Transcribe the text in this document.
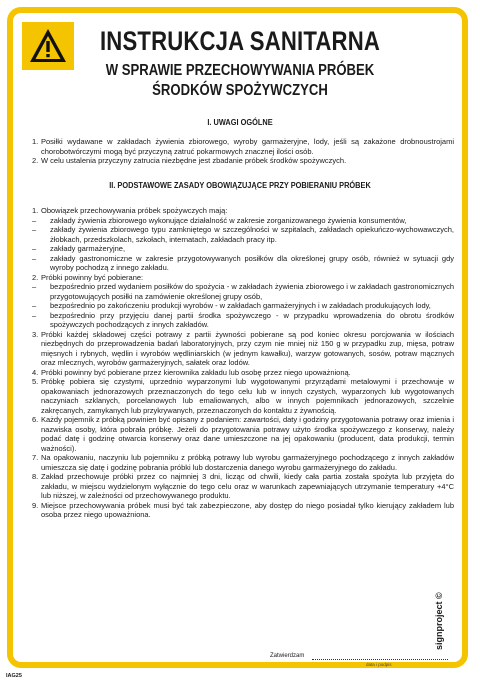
INSTRUKCJA SANITARNA
W SPRAWIE PRZECHOWYWANIA PRÓBEK
ŚRODKÓW SPOŻYWCZYCH
I. UWAGI OGÓLNE
1. Posiłki wydawane w zakładach żywienia zbiorowego, wyroby garmażeryjne, lody, jeśli są zakażone drobnoustrojami chorobotwórczymi mogą być przyczyną zatruć pokarmowych znacznej ilości osób.
2. W celu ustalenia przyczyny zatrucia niezbędne jest zbadanie próbek środków spożywczych.
II. PODSTAWOWE ZASADY OBOWIĄZUJĄCE PRZY POBIERANIU PRÓBEK
1. Obowiązek przechowywania próbek spożywczych mają:
– zakłady żywienia zbiorowego wykonujące działalność w zakresie zorganizowanego żywienia konsumentów,
– zakłady żywienia zbiorowego typu zamkniętego w szczególności w szpitalach, zakładach opiekuńczo-wychowawczych, żłobkach, przedszkolach, szkołach, internatach, zakładach pracy itp.
– zakłady garmażeryjne,
– zakłady gastronomiczne w zakresie przygotowywanych posiłków dla określonej grupy osób, również w sytuacji gdy wyroby pochodzą z innego zakładu.
2. Próbki powinny być pobierane:
– bezpośrednio przed wydaniem posiłków do spożycia - w zakładach żywienia zbiorowego i w zakładach gastronomicznych przygotowujących posiłki na zamówienie określonej grupy osób,
– bezpośrednio po zakończeniu produkcji wyrobów - w zakładach garmażeryjnych i w zakładach produkujących lody,
– bezpośrednio przy przyjęciu danej partii środka spożywczego - w przypadku wprowadzenia do obrotu środków spożywczych pochodzących z innych zakładów.
3. Próbki każdej składowej części potrawy z partii żywności pobierane są pod koniec okresu porcjowania w ilościach niezbędnych do przeprowadzenia badań laboratoryjnych, przy czym nie mniej niż 150 g w przypadku zup, mięsa, potraw mięsnych i rybnych, wędlin i wyrobów wędliniarskich (w jednym kawałku), warzyw gotowanych, sosów, potraw mącznych oraz mlecznych, wyrobów garmażeryjnych, sałatek oraz lodów.
4. Próbki powinny być pobierane przez kierownika zakładu lub osobę przez niego upoważnioną.
5. Próbkę pobiera się czystymi, uprzednio wyparzonymi lub wygotowanymi przyrządami metalowymi i przechowuje w opakowaniach jednorazowych przeznaczonych do tego celu lub w innych czystych, wyparzonych lub wygotowanych naczyniach szklanych, porcelanowych lub emaliowanych, albo w innych pojemnikach jednorazowych, szczelnie zakręcanych, zamykanych lub przykrywanych, przeznaczonych do kontaktu z żywnością.
6. Każdy pojemnik z próbką powinien być opisany z podaniem: zawartości, daty i godziny przygotowania potrawy oraz imienia i nazwiska osoby, która pobrała próbkę. Jeżeli do przygotowania potrawy użyto środka spożywczego z konserwy, należy podać datę i godzinę otwarcia konserwy oraz dane umieszczone na jej opakowaniu (producent, data produkcji, termin ważności).
7. Na opakowaniu, naczyniu lub pojemniku z próbką potrawy lub wyrobu garmażeryjnego pochodzącego z innych zakładów umieszcza się datę i godzinę pobrania próbki lub dostarczenia danego wyrobu garmażeryjnego do zakładu.
8. Zakład przechowuje próbki przez co najmniej 3 dni, licząc od chwili, kiedy cała partia została spożyta lub przyjęta do zakładu, w miejscu wydzielonym wyłącznie do tego celu oraz w warunkach zapewniających utrzymanie temperatury +4°C lub niższej, w zależności od przechowywanego produktu.
9. Miejsce przechowywania próbek musi być tak zabezpieczone, aby dostęp do niego posiadał tylko kierujący zakładem lub osoba przez niego upoważniona.
Zatwierdzam
data i podpis
signproject ©
IAG25
